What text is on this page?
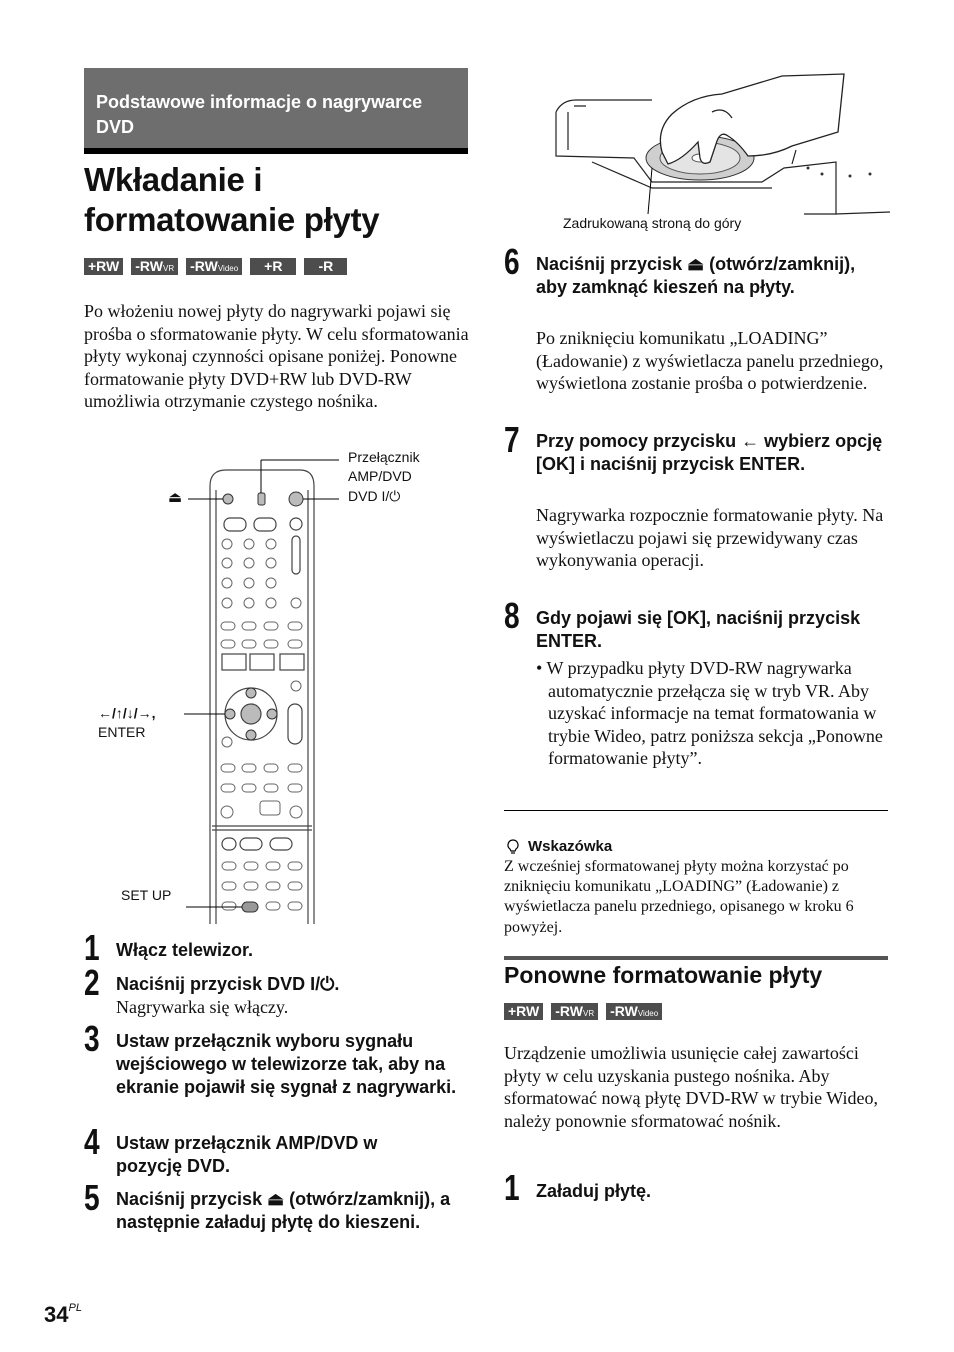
Podstawowe informacje o nagrywarce DVD
Wkładanie i formatowanie płyty
+RW -RWVR -RWVideo	+R	-R

Po włożeniu nowej płyty do nagrywarki pojawi się prośba o sformatowanie płyty. W celu sformatowania płyty wykonaj czynności opisane poniżej. Ponowne formatowanie płyty DVD+RW lub DVD-RW umożliwia otrzymanie czystego nośnika.

⏏
Przełącznik AMP/DVD
DVD I/⏻
←/↑/↓/→,
ENTER
SET UP
1 Włącz telewizor.
2 Naciśnij przycisk DVD I/⏻.
Nagrywarka się włączy.
3 Ustaw przełącznik wyboru sygnału wejściowego w telewizorze tak, aby na ekranie pojawił się sygnał z nagrywarki.
4 Ustaw przełącznik AMP/DVD w pozycję DVD.
5 Naciśnij przycisk ⏏ (otwórz/zamknij), a następnie załaduj płytę do kieszeni.
Zadrukowaną stroną do góry
6 Naciśnij przycisk ⏏ (otwórz/zamknij), aby zamknąć kieszeń na płyty.
Po zniknięciu komunikatu „LOADING” (Ładowanie) z wyświetlacza panelu przedniego, wyświetlona zostanie prośba o potwierdzenie.
7 Przy pomocy przycisku ← wybierz opcję [OK] i naciśnij przycisk ENTER.
Nagrywarka rozpocznie formatowanie płyty. Na wyświetlaczu pojawi się przewidywany czas wykonywania operacji.
8 Gdy pojawi się [OK], naciśnij przycisk ENTER.
• W przypadku płyty DVD-RW nagrywarka automatycznie przełącza się w tryb VR. Aby uzyskać informacje na temat formatowania w trybie Wideo, patrz poniższa sekcja „Ponowne formatowanie płyty”.
Wskazówka
Z wcześniej sformatowanej płyty można korzystać po zniknięciu komunikatu „LOADING” (Ładowanie) z wyświetlacza panelu przedniego, opisanego w kroku 6 powyżej.
Ponowne formatowanie płyty
+RW -RWVR -RWVideo

Urządzenie umożliwia usunięcie całej zawartości płyty w celu uzyskania pustego nośnika. Aby sformatować nową płytę DVD-RW w trybie Wideo, należy ponownie sformatować nośnik.

1 Załaduj płytę.
$34^{PL}$
